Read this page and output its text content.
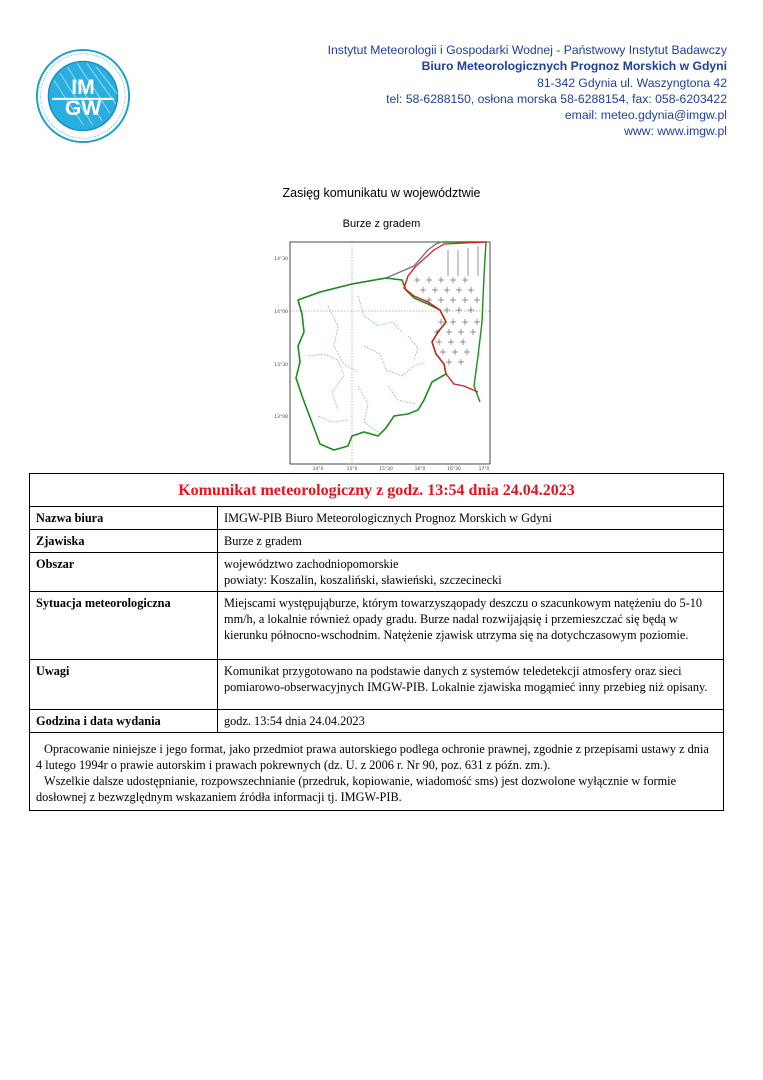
IM
GW
Instytut Meteorologii i Gospodarki Wodnej - Państwowy Instytut Badawczy
Biuro Meteorologicznych Prognoz Morskich w Gdyni
81-342 Gdynia ul. Waszyngtona 42
tel: 58-6288150, osłona morska 58-6288154, fax: 058-6203422
email: meteo.gdynia@imgw.pl
www: www.imgw.pl
Zasięg komunikatu w województwie
Burze z gradem
14°30
14°00
13°30
13°00
14°0	15°0	15°30	16°0	16°30	17°0
Komunikat meteorologiczny z godz. 13:54 dnia 24.04.2023	
Nazwa biura	IMGW-PIB Biuro Meteorologicznych Prognoz Morskich w Gdyni
Zjawiska	Burze z gradem
Obszar	województwo zachodniopomorskie
powiaty: Koszalin, koszaliński, sławieński, szczecinecki

Sytuacja meteorologiczna	Miejscami występująburze, którym towarzysząopady deszczu o szacunkowym natężeniu do 5-10 mm/h, a lokalnie również opady gradu. Burze nadal rozwijająsię i przemieszczać się będą w kierunku północno-wschodnim. Natężenie zjawisk utrzyma się na dotychczasowym poziomie.
Uwagi	Komunikat przygotowano na podstawie danych z systemów teledetekcji atmosfery oraz sieci pomiarowo-obserwacyjnych IMGW-PIB. Lokalnie zjawiska mogąmieć inny przebieg niż opisany.
Godzina i data wydania	godz. 13:54 dnia 24.04.2023

Opracowanie niniejsze i jego format, jako przedmiot prawa autorskiego podlega ochronie prawnej, zgodnie z przepisami ustawy z dnia 4 lutego 1994r o prawie autorskim i prawach pokrewnych (dz. U. z 2006 r. Nr 90, poz. 631 z późn. zm.).

Wszelkie dalsze udostępnianie, rozpowszechnianie (przedruk, kopiowanie, wiadomość sms) jest dozwolone wyłącznie w formie dosłownej z bezwzględnym wskazaniem źródła informacji tj. IMGW-PIB.	
